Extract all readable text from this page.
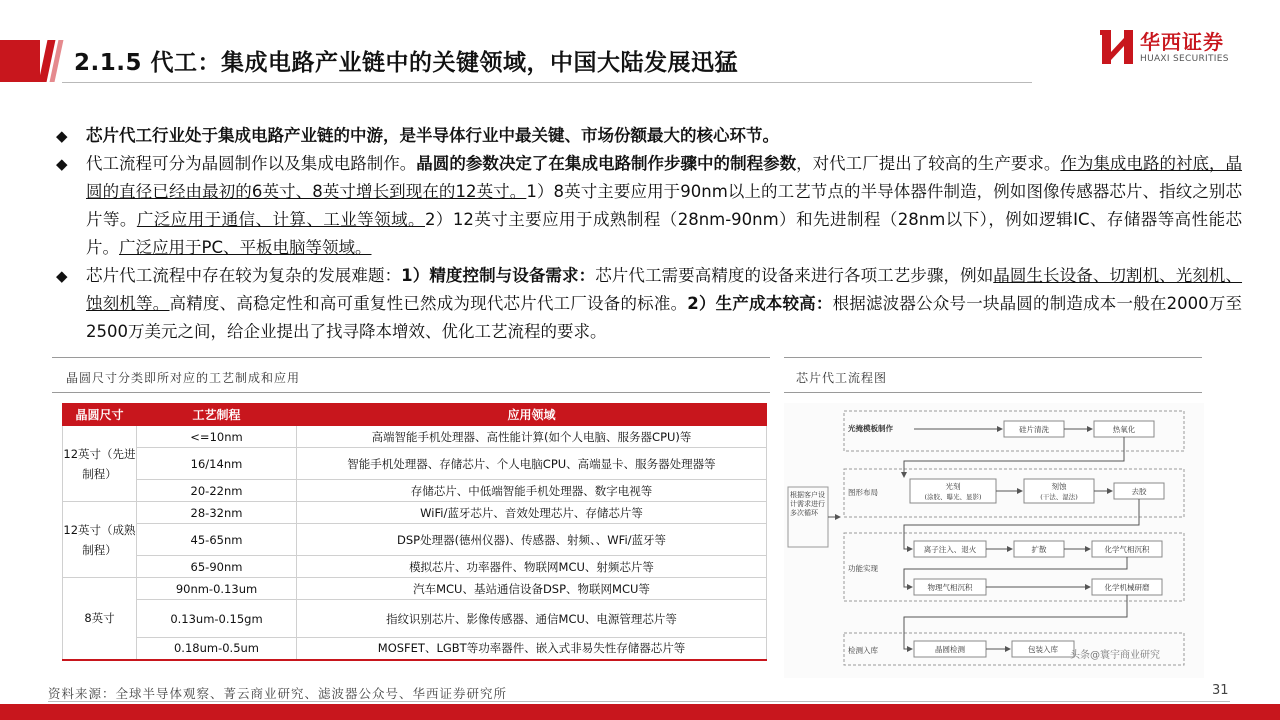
2.1.5 代工：集成电路产业链中的关键领域，中国大陆发展迅猛
华西证券
HUAXI SECURITIES
◆ 芯片代工行业处于集成电路产业链的中游，是半导体行业中最关键、市场份额最大的核心环节。
◆ 代工流程可分为晶圆制作以及集成电路制作。晶圆的参数决定了在集成电路制作步骤中的制程参数，对代工厂提出了较高的生产要求。作为集成电路的衬底，晶圆的直径已经由最初的6英寸、8英寸增长到现在的12英寸。1）8英寸主要应用于90nm以上的工艺节点的半导体器件制造，例如图像传感器芯片、指纹之别芯片等。广泛应用于通信、计算、工业等领域。2）12英寸主要应用于成熟制程（28nm-90nm）和先进制程（28nm以下），例如逻辑IC、存储器等高性能芯片。广泛应用于PC、平板电脑等领域。
◆ 芯片代工流程中存在较为复杂的发展难题：1）精度控制与设备需求：芯片代工需要高精度的设备来进行各项工艺步骤，例如晶圆生长设备、切割机、光刻机、蚀刻机等。高精度、高稳定性和高可重复性已然成为现代芯片代工厂设备的标准。2）生产成本较高：根据滤波器公众号一块晶圆的制造成本一般在2000万至2500万美元之间，给企业提出了找寻降本增效、优化工艺流程的要求。
晶圆尺寸分类即所对应的工艺制成和应用	芯片代工流程图
晶圆尺寸	工艺制程	应用领域
12英寸（先进制程）	<=10nm	高端智能手机处理器、高性能计算(如个人电脑、服务器CPU)等
	16/14nm	智能手机处理器、存储芯片、个人电脑CPU、高端显卡、服务器处理器等
	20-22nm	存储芯片、中低端智能手机处理器、数字电视等
12英寸（成熟制程）	28-32nm	WiFi/蓝牙芯片、音效处理芯片、存储芯片等
	45-65nm	DSP处理器(德州仪器)、传感器、射频、、WFi/蓝牙等
	65-90nm	模拟芯片、功率器件、物联网MCU、射频芯片等
8英寸	90nm-0.13um	汽车MCU、基站通信设备DSP、物联网MCU等
	0.13um-0.15gm	指纹识别芯片、影像传感器、通信MCU、电源管理芯片等
	0.18um-0.5um	MOSFET、LGBT等功率器件、嵌入式非易失性存储器芯片等
光掩模板制作
图形布局
功能实现
检测入库
根据客户设计需求进行多次循环
硅片清洗	热氧化
光刻
(涂胶、曝光、显影)
刻蚀
(干法、湿法)
去胶
离子注入、退火	扩散	化学气相沉积
物理气相沉积	化学机械研磨
晶圆检测	包装入库
头条@寰宇商业研究
资料来源：全球半导体观察、菁云商业研究、滤波器公众号、华西证券研究所	31
